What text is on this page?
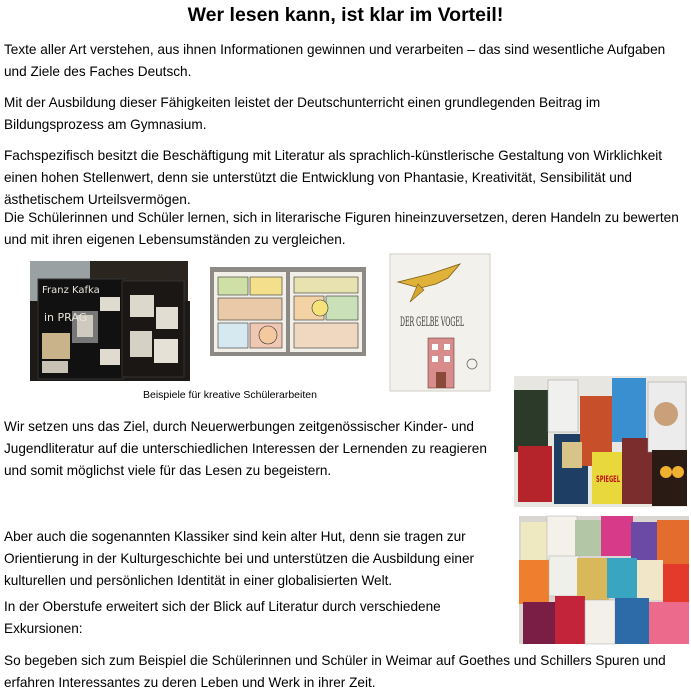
Wer lesen kann, ist klar im Vorteil!

Texte aller Art verstehen, aus ihnen Informationen gewinnen und verarbeiten – das sind wesentliche Aufgaben und Ziele des Faches Deutsch.

Mit der Ausbildung dieser Fähigkeiten leistet der Deutschunterricht einen grundlegenden Beitrag im Bildungsprozess am Gymnasium.

Fachspezifisch besitzt die Beschäftigung mit Literatur als sprachlich-künstlerische Gestaltung von Wirklichkeit einen hohen Stellenwert, denn sie unterstützt die Entwicklung von Phantasie, Kreativität, Sensibilität und ästhetischem Urteilsvermögen.

Die Schülerinnen und Schüler lernen, sich in literarische Figuren hineinzuversetzen, deren Handeln zu bewerten und mit ihren eigenen Lebensumständen zu vergleichen.

Franz Kafka
in PRAG	DER GELBE VOGEL
Beispiele für kreative Schülerarbeiten
SPIEGEL

Wir setzen uns das Ziel, durch Neuerwerbungen zeitgenössischer Kinder- und Jugendliteratur auf die unterschiedlichen Interessen der Lernenden zu reagieren und somit möglichst viele für das Lesen zu begeistern.

Aber auch die sogenannten Klassiker sind kein alter Hut, denn sie tragen zur Orientierung in der Kulturgeschichte bei und unterstützen die Ausbildung einer kulturellen und persönlichen Identität in einer globalisierten Welt.

In der Oberstufe erweitert sich der Blick auf Literatur durch verschiedene Exkursionen:

So begeben sich zum Beispiel die Schülerinnen und Schüler in Weimar auf Goethes und Schillers Spuren und erfahren Interessantes zu deren Leben und Werk in ihrer Zeit.
